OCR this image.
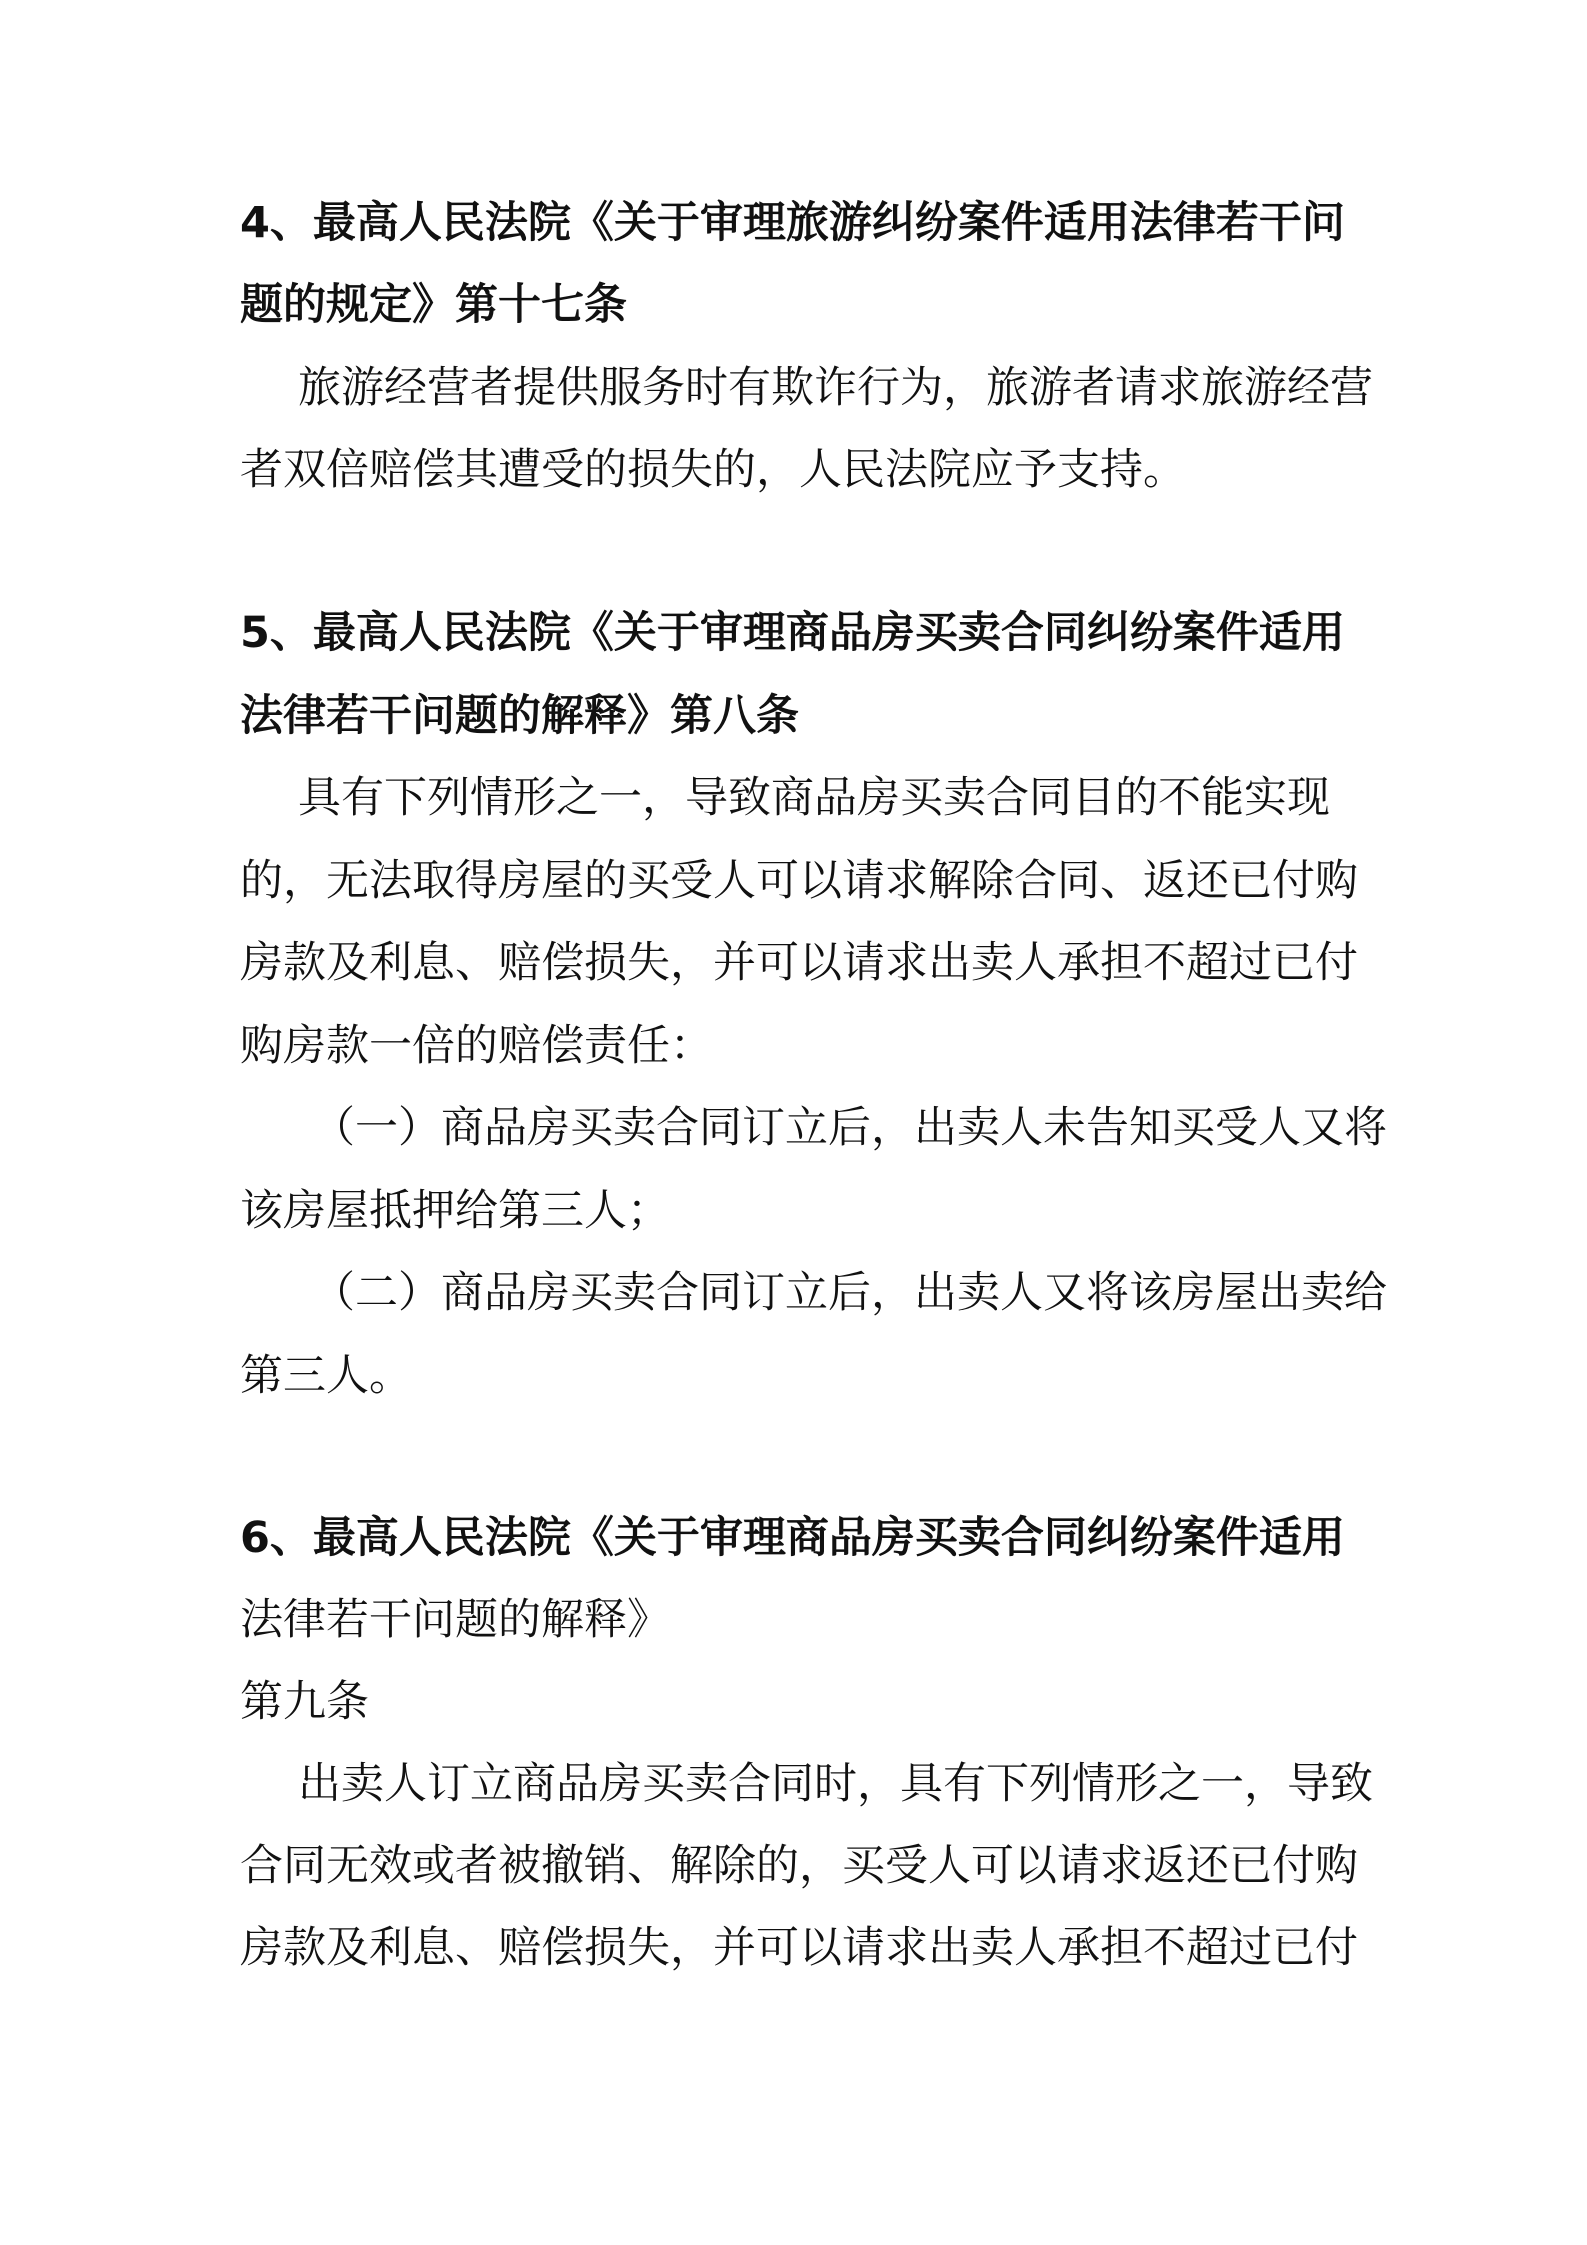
4、最高人民法院《关于审理旅游纠纷案件适用法律若干问
题的规定》第十七条
旅游经营者提供服务时有欺诈行为，旅游者请求旅游经营
者双倍赔偿其遭受的损失的，人民法院应予支持。
5、最高人民法院《关于审理商品房买卖合同纠纷案件适用
法律若干问题的解释》第八条
具有下列情形之一，导致商品房买卖合同目的不能实现
的，无法取得房屋的买受人可以请求解除合同、返还已付购
房款及利息、赔偿损失，并可以请求出卖人承担不超过已付
购房款一倍的赔偿责任：
（一）商品房买卖合同订立后，出卖人未告知买受人又将
该房屋抵押给第三人；
（二）商品房买卖合同订立后，出卖人又将该房屋出卖给
第三人。
6、最高人民法院《关于审理商品房买卖合同纠纷案件适用
法律若干问题的解释》
第九条
出卖人订立商品房买卖合同时，具有下列情形之一，导致
合同无效或者被撤销、解除的，买受人可以请求返还已付购
房款及利息、赔偿损失，并可以请求出卖人承担不超过已付
